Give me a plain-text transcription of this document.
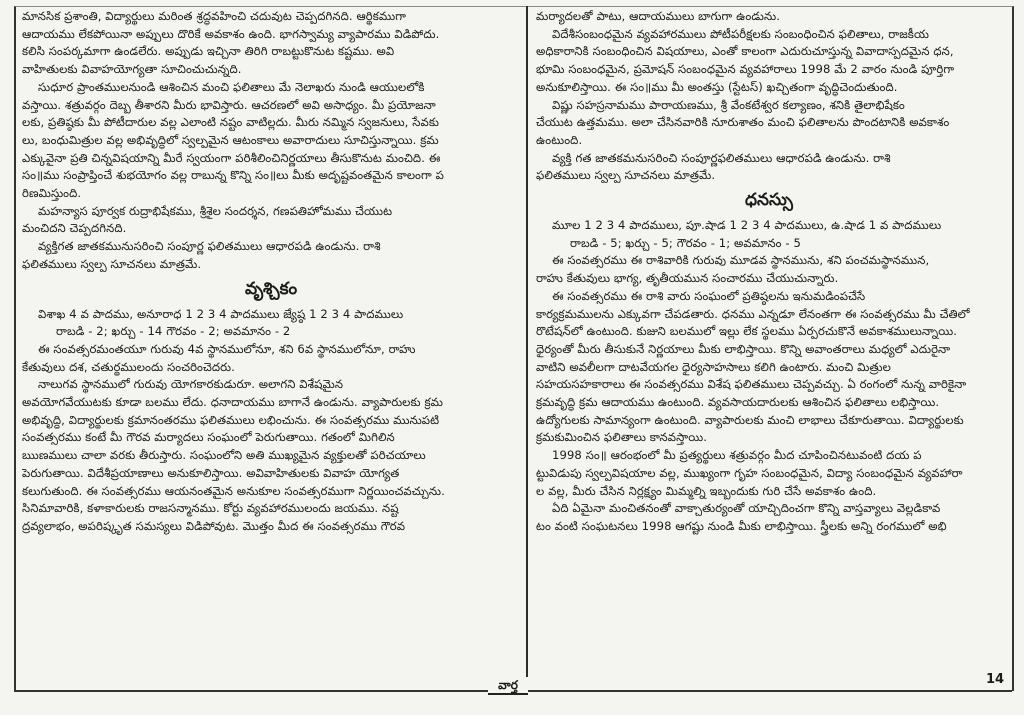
మానసిక ప్రశాంతి, విద్యార్థులు మరింత శ్రద్ధవహించి చదువుట చెప్పదగినది. ఆర్థికముగా

ఆదాయము లేకపోయినా అప్పులు దొరికే అవకాశం ఉంది. భాగస్వామ్య వ్యాపారము విడిపోదు.

కలిసి సంపర్కమాగా ఉండలేరు. అప్పుడు ఇచ్చినా తిరిగి రాబట్టుకొనుట కష్టము. అవి

వాహితులకు వివాహయోగ్యతా సూచించుచున్నది.

సుధూర ప్రాంతములనుండి ఆశించిన మంచి ఫలితాలు మే నెలాఖరు నుండి ఆయులలోకి

వస్తాయి. శత్రువర్గం దెబ్బ తీశారని మీరు భావిస్తారు. ఆచరణలో అవి అసాధ్యం. మీ ప్రయోజనా

లకు, ప్రతిష్ఠకు మీ పోటీదారుల వల్ల ఎలాంటి నష్టం వాటిల్లదు. మీరు నమ్మిన స్వజనులు, సేవకు

లు, బంధుమిత్రుల వల్ల అభివృద్ధిలో స్వల్పమైన ఆటంకాలు అవారాదులు సూచిస్తున్నాయి. క్రమ

ఎక్కువైనా ప్రతి చిన్నవిషయాన్ని మీరే స్వయంగా పరిశీలించినిర్ణయాలు తీసుకొనుట మంచిది. ఈ

సం॥ము సంప్రాప్తించే శుభయోగం వల్ల రాబున్న కొన్ని సం॥లు మీకు అదృష్టవంతమైన కాలంగా ప

రిణమిస్తుంది.

మహన్యాస పూర్వక రుద్రాభిషేకము, శ్రీశైల సందర్శన, గణపతిహోమము చేయుట

మంచిదని చెప్పదగినది.

వ్యక్తిగత జాతకమునుసరించి సంపూర్ణ ఫలితములు ఆధారపడి ఉండును. రాశి

ఫలితములు స్వల్ప సూచనలు మాత్రమే.

వృశ్చికం

విశాఖ 4 వ పాదము, అనూరాధ 1 2 3 4 పాదములు జ్యేష్ఠ 1 2 3 4 పాదములు

రాబడి - 2; ఖర్చు - 14 గౌరవం - 2; అవమానం - 2

ఈ సంవత్సరమంతయూ గురువు 4వ స్థానములోనూ, శని 6వ స్థానములోనూ, రాహు

కేతువులు దశ, చతుర్థములందు సంచరించెదరు.

నాలుగవ స్థానములో గురువు యోగకారకుడురూ. అలాగని విశేషమైన

అవయోగవేయుటకు కూడా బలము లేదు. ధనాదాయము బాగానే ఉండును. వ్యాపారులకు క్రమ

అభివృద్ధి, విద్యార్థులకు క్రమానంతరము ఫలితములు లభించును. ఈ సంవత్సరము మునుపటి

సంవత్సరము కంటే మీ గౌరవ మర్యాదలు సంఘంలో పెరుగుతాయి. గతంలో మిగిలిన

ఋణములు చాలా వరకు తీరుస్తారు. సంఘంలోని అతి ముఖ్యమైన వ్యక్తులతో పరిచయాలు

పెరుగుతాయి. విదేశీప్రయాణాలు అనుకూలిస్తాయి. అవివాహితులకు వివాహ యోగ్యత

కలుగుతుంది. ఈ సంవత్సరము ఆయనంతమైన అనుకూల సంవత్సరముగా నిర్ణయించవచ్చును.

సినిమావారికి, కళాకారులకు రాజసన్మానము. కోర్టు వ్యవహారములందు జయము. నష్ట

ద్రవ్యలాభం, అపరిష్కృత సమస్యలు విడిపోవుట. మొత్తం మీద ఈ సంవత్సరము గౌరవ

మర్యాదలతో పాటు, ఆదాయములు బాగుగా ఉండును.

విదేశీసంబంధమైన వ్యవహారములు పోటీపరీక్షలకు సంబంధించిన ఫలితాలు, రాజకీయ

అధికారానికి సంబంధించిన విషయాలు, ఎంతో కాలంగా ఎదురుచూస్తున్న వివాదాస్పదమైన ధన,

భూమి సంబంధమైన, ప్రమోషన్ సంబంధమైన వ్యవహారాలు 1998 మే 2 వారం నుండి పూర్తిగా

అనుకూలిస్తాయి. ఈ సం॥ము మీ అంతస్తు (స్టేటస్) ఖచ్చితంగా వృద్ధిచెందుతుంది.

విష్ణు సహస్రనామము పారాయణము, శ్రీ వేంకటేశ్వర కల్యాణం, శనికి తైలాభిషేకం

చేయుట ఉత్తమము. అలా చేసినవారికి నూరుశాతం మంచి ఫలితాలను పొందటానికి అవకాశం

ఉంటుంది.

వ్యక్తి గత జాతకమనుసరించి సంపూర్ణఫలితములు ఆధారపడి ఉండును. రాశి

ఫలితములు స్వల్ప సూచనలు మాత్రమే.

ధనస్సు

మూల 1 2 3 4 పాదములు, పూ.షాడ 1 2 3 4 పాదములు, ఉ.షాడ 1 వ పాదములు

రాబడి - 5; ఖర్చు - 5; గౌరవం - 1; అవమానం - 5

ఈ సంవత్సరము ఈ రాశివారికి గురువు మూడవ స్థానమును, శని పంచమస్థానమున,

రాహు కేతువులు భాగ్య, తృతీయమున సంచారము చేయుచున్నారు.

ఈ సంవత్సరము ఈ రాశి వారు సంఘంలో ప్రతిష్ఠలను ఇనుమడింపచేసే

కార్యక్రమములను ఎక్కువగా చేపడతారు. ధనము ఎన్నడూ లేనంతగా ఈ సంవత్సరము మీ చేతిలో

రొటేషన్‌లో ఉంటుంది. కుజుని బలములో ఇల్లు లేక స్థలము ఏర్పరచుకొనే అవకాశములున్నాయి.

ధైర్యంతో మీరు తీసుకునే నిర్ణయాలు మీకు లాభిస్తాయి. కొన్ని అవాంతరాలు మధ్యలో ఎదురైనా

వాటిని అవలీలగా దాటవేయగల ధైర్యసాహసాలు కలిగి ఉంటారు. మంచి మిత్రుల

సహయసహకారాలు ఈ సంవత్సరము విశేష ఫలితములు చెప్పవచ్చు. ఏ రంగంలో నున్న వారికైనా

క్రమవృద్ధి క్రమ ఆదాయము ఉంటుంది. వ్యవసాయదారులకు ఆశించిన ఫలితాలు లభిస్తాయి.

ఉద్యోగులకు సామాన్యంగా ఉంటుంది. వ్యాపారులకు మంచి లాభాలు చేకూరుతాయి. విద్యార్థులకు

క్రమకుమించిన ఫలితాలు కానవస్తాయి.

1998 సం॥ ఆరంభంలో మీ ప్రత్యర్థులు శత్రువర్గం మీద చూపించినటువంటి దయ ప

ట్టువిడుపు స్వల్పవిషయాల వల్ల, ముఖ్యంగా గృహ సంబంధమైన, విద్యా సంబంధమైన వ్యవహారా

ల వల్ల, మీరు చేసిన నిర్లక్ష్యం మిమ్మల్ని ఇబ్బందుకు గురి చేసే అవకాశం ఉంది.

ఏది ఏమైనా మంచితనంతో వాక్చాతుర్యంతో యాచ్చిదించగా కొన్ని వాస్తవ్యాలు వెల్లడికావ

టం వంటి సంఘటనలు 1998 ఆగష్టు నుండి మీకు లాభిస్తాయి. స్త్రీలకు అన్ని రంగములో అభి

వార్త	14
